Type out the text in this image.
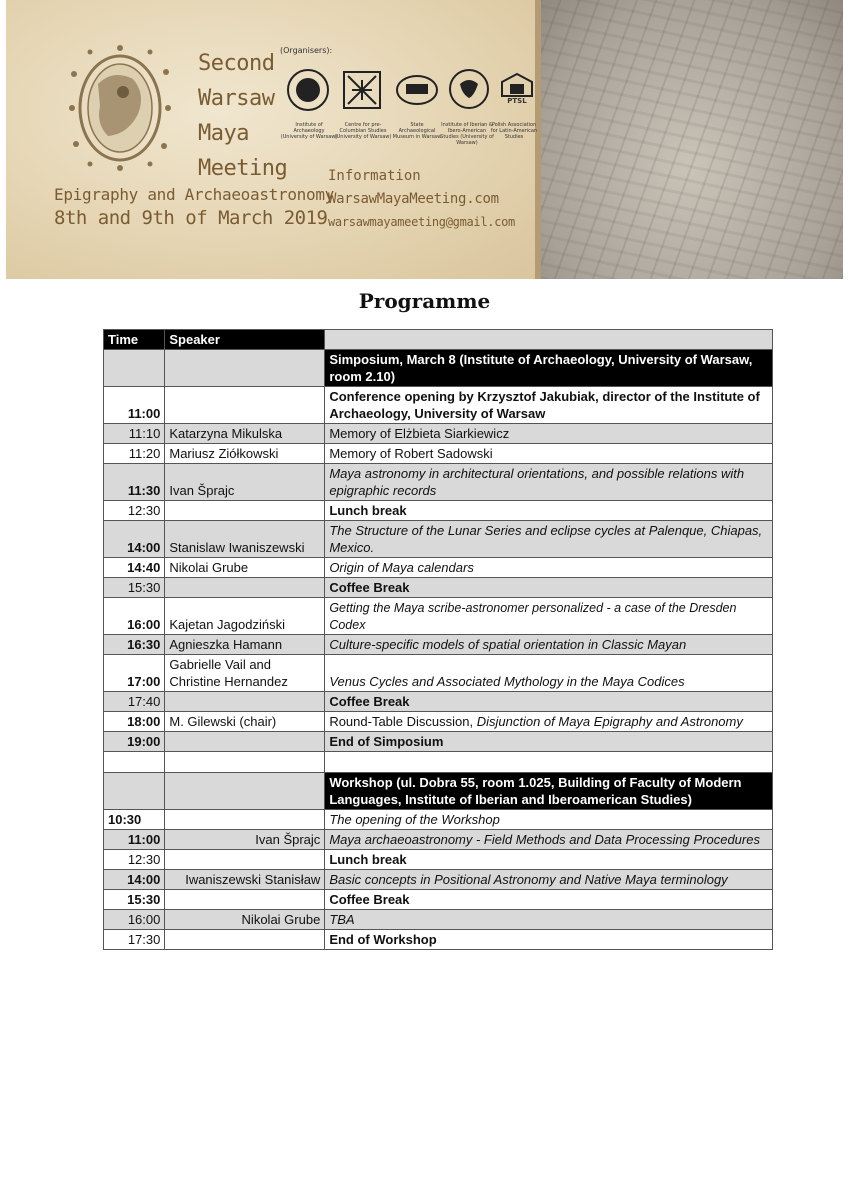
Second
Warsaw
Maya
Meeting
Epigraphy and Archaeoastronomy
8th and 9th of March 2019
(Organisers):
PTSL
Institute of Archaeology (University of Warsaw)
Centre for pre-Columbian Studies (University of Warsaw)
State Archaeological Museum in Warsaw
Institute of Iberian & Ibero-American Studies (University of Warsaw)
Polish Association for Latin-American Studies
Information
WarsawMayaMeeting.com
warsawmayameeting@gmail.com
Programme
Time	Speaker	
		Simposium, March 8 (Institute of Archaeology, University of Warsaw, room 2.10)
11:00		Conference opening by Krzysztof Jakubiak, director of the Institute of Archaeology, University of Warsaw
11:10	Katarzyna Mikulska	Memory of Elżbieta Siarkiewicz
11:20	Mariusz Ziółkowski	Memory of Robert Sadowski
11:30	Ivan Šprajc	Maya astronomy in architectural orientations, and possible relations with epigraphic records
12:30		Lunch break
14:00	Stanislaw Iwaniszewski	The Structure of the Lunar Series and eclipse cycles at Palenque, Chiapas, Mexico.
14:40	Nikolai Grube	Origin of Maya calendars
15:30		Coffee Break
16:00	Kajetan Jagodziński	Getting the Maya scribe-astronomer personalized - a case of the Dresden Codex
16:30	Agnieszka Hamann	Culture-specific models of spatial orientation in Classic Mayan
17:00	Gabrielle Vail and Christine Hernandez	Venus Cycles and Associated Mythology in the Maya Codices
17:40		Coffee Break
18:00	M. Gilewski (chair)	Round-Table Discussion, Disjunction of Maya Epigraphy and Astronomy
19:00		End of Simposium

		Workshop (ul. Dobra 55, room 1.025, Building of Faculty of Modern Languages, Institute of Iberian and Iberoamerican Studies)
10:30		The opening of the Workshop
11:00	Ivan Šprajc	Maya archaeoastronomy - Field Methods and Data Processing Procedures
12:30		Lunch break
14:00	Iwaniszewski Stanisław	Basic concepts in Positional Astronomy and Native Maya terminology
15:30		Coffee Break
16:00	Nikolai Grube	TBA
17:30		End of Workshop
